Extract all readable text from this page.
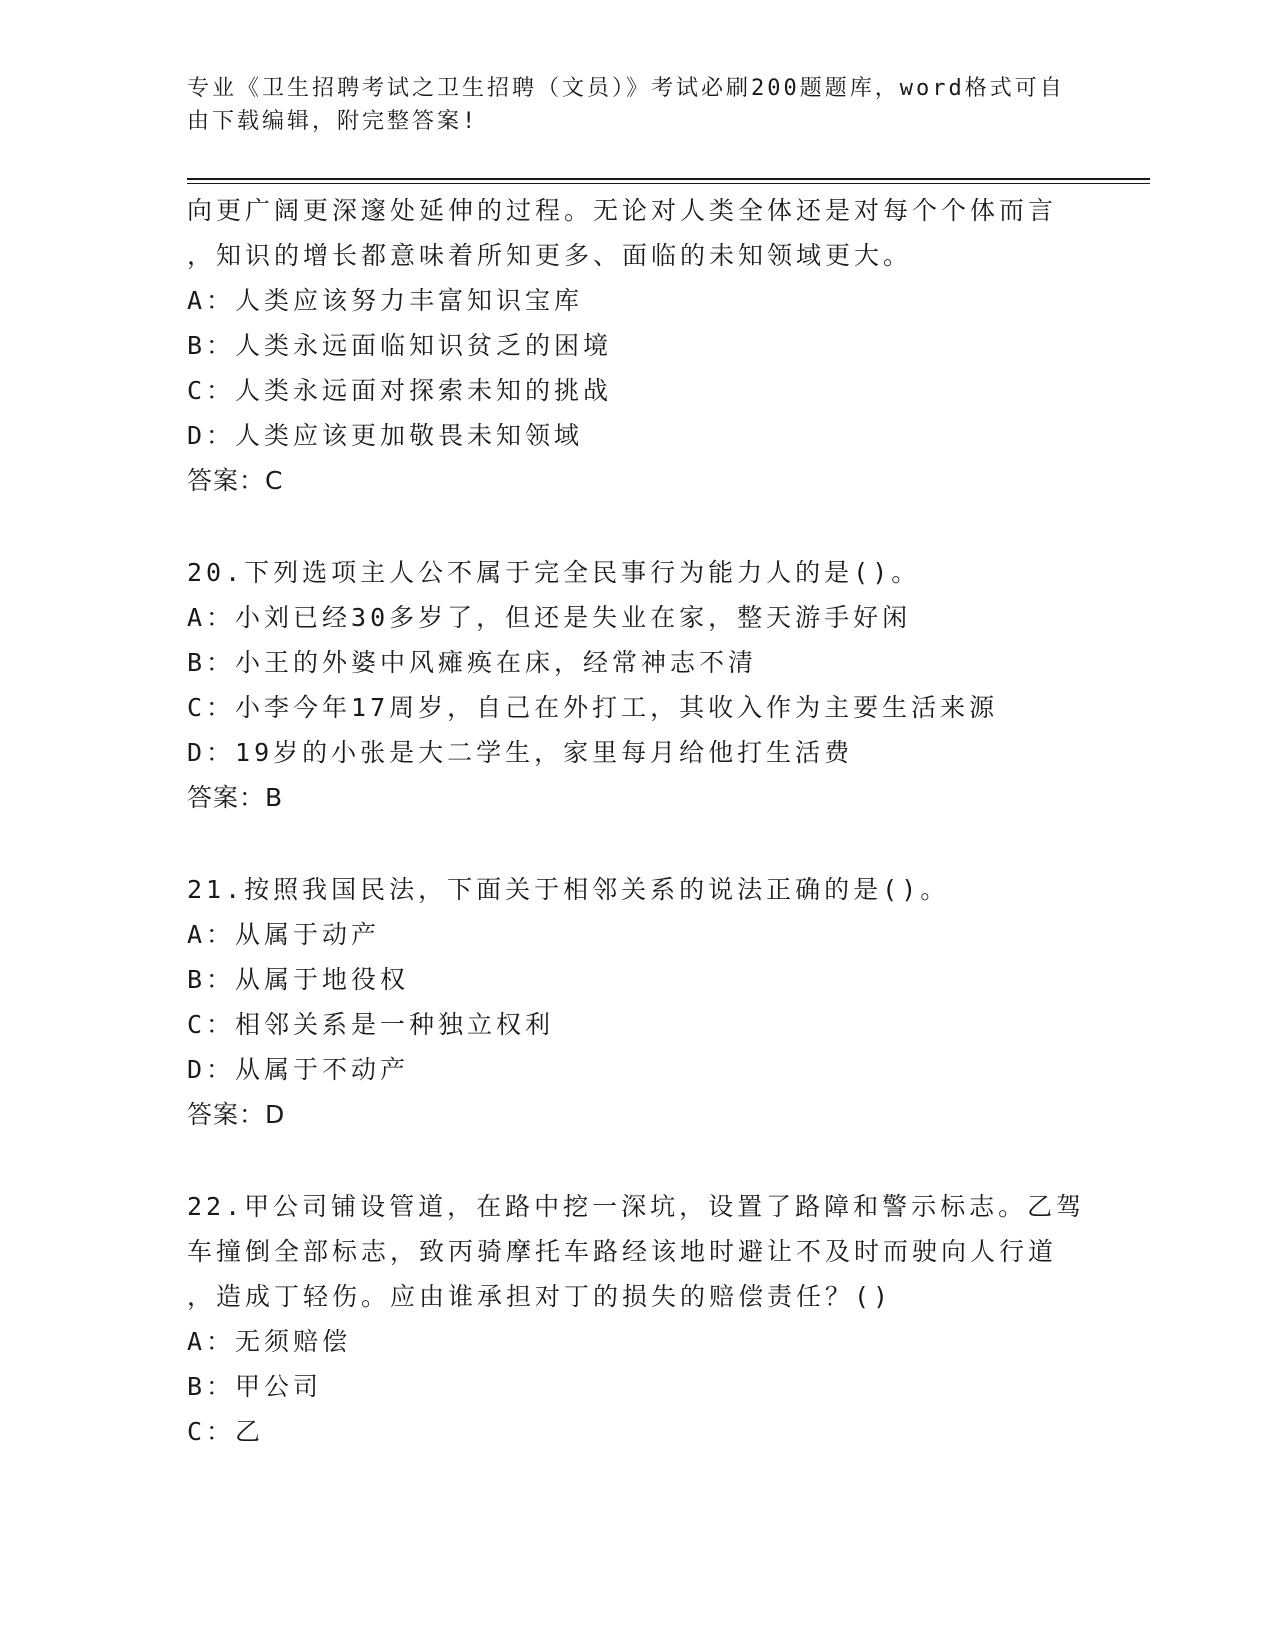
专业《卫生招聘考试之卫生招聘（文员）》考试必刷200题题库，word格式可自
由下载编辑，附完整答案!
向更广阔更深邃处延伸的过程。无论对人类全体还是对每个个体而言
，知识的增长都意味着所知更多、面临的未知领域更大。
A：人类应该努力丰富知识宝库
B：人类永远面临知识贫乏的困境
C：人类永远面对探索未知的挑战
D：人类应该更加敬畏未知领域
答案：C
20.下列选项主人公不属于完全民事行为能力人的是()。
A：小刘已经30多岁了，但还是失业在家，整天游手好闲
B：小王的外婆中风瘫痪在床，经常神志不清
C：小李今年17周岁，自己在外打工，其收入作为主要生活来源
D：19岁的小张是大二学生，家里每月给他打生活费
答案：B
21.按照我国民法，下面关于相邻关系的说法正确的是()。
A：从属于动产
B：从属于地役权
C：相邻关系是一种独立权利
D：从属于不动产
答案：D
22.甲公司铺设管道，在路中挖一深坑，设置了路障和警示标志。乙驾
车撞倒全部标志，致丙骑摩托车路经该地时避让不及时而驶向人行道
，造成丁轻伤。应由谁承担对丁的损失的赔偿责任？()
A：无须赔偿
B：甲公司
C：乙
